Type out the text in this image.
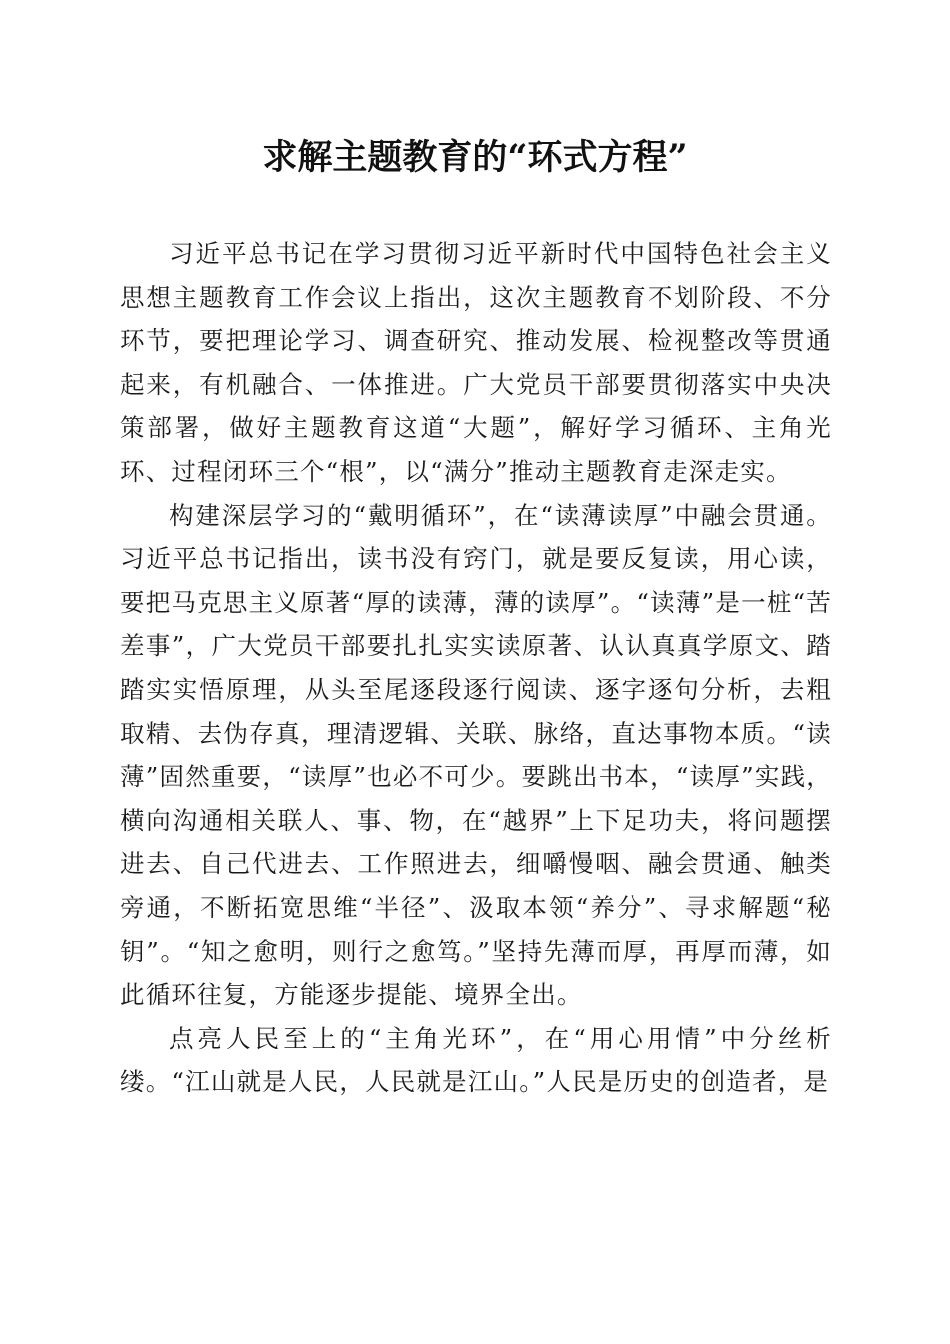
求解主题教育的“环式方程”

习近平总书记在学习贯彻习近平新时代中国特色社会主义思想主题教育工作会议上指出，这次主题教育不划阶段、不分环节，要把理论学习、调查研究、推动发展、检视整改等贯通起来，有机融合、一体推进。广大党员干部要贯彻落实中央决策部署，做好主题教育这道“大题”，解好学习循环、主角光环、过程闭环三个“根”，以“满分”推动主题教育走深走实。

构建深层学习的“戴明循环”，在“读薄读厚”中融会贯通。习近平总书记指出，读书没有窍门，就是要反复读，用心读，要把马克思主义原著“厚的读薄，薄的读厚”。“读薄”是一桩“苦差事”，广大党员干部要扎扎实实读原著、认认真真学原文、踏踏实实悟原理，从头至尾逐段逐行阅读、逐字逐句分析，去粗取精、去伪存真，理清逻辑、关联、脉络，直达事物本质。“读薄”固然重要，“读厚”也必不可少。要跳出书本，“读厚”实践，横向沟通相关联人、事、物，在“越界”上下足功夫，将问题摆进去、自己代进去、工作照进去，细嚼慢咽、融会贯通、触类旁通，不断拓宽思维“半径”、汲取本领“养分”、寻求解题“秘钥”。“知之愈明，则行之愈笃。”坚持先薄而厚，再厚而薄，如此循环往复，方能逐步提能、境界全出。

点亮人民至上的“主角光环”，在“用心用情”中分丝析缕。“江山就是人民，人民就是江山。”人民是历史的创造者，是
